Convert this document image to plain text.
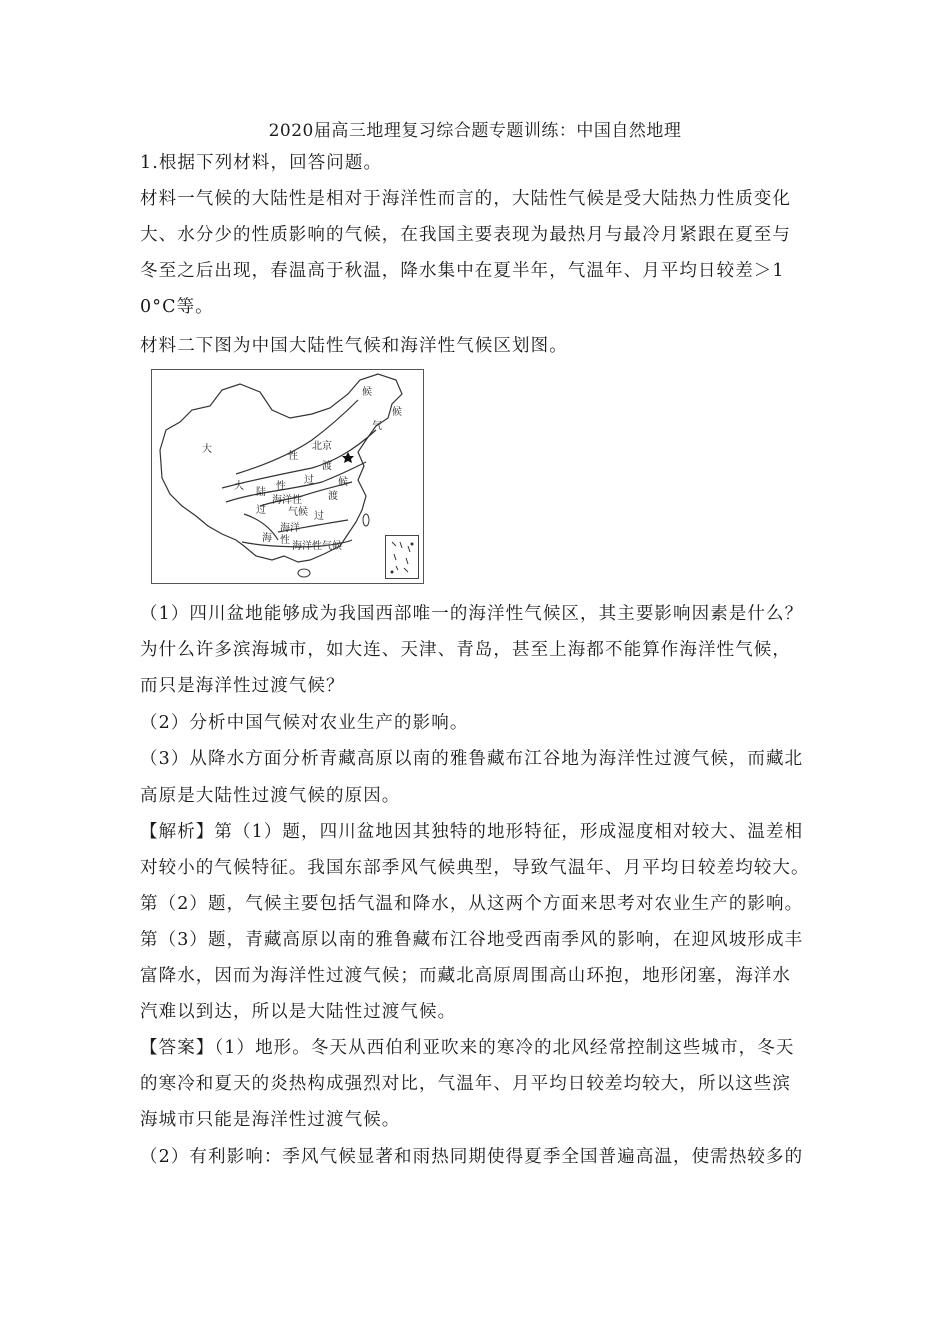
2020届高三地理复习综合题专题训练：中国自然地理
1.根据下列材料，回答问题。
材料一气候的大陆性是相对于海洋性而言的，大陆性气候是受大陆热力性质变化
大、水分少的性质影响的气候，在我国主要表现为最热月与最冷月紧跟在夏至与
冬至之后出现，春温高于秋温，降水集中在夏半年，气温年、月平均日较差＞1
0°C等。
材料二下图为中国大陆性气候和海洋性气候区划图。
大
候
候
气
北京
性
渡
过
大
陆
性
海洋性
候
渡
气候 过
过
海 洋
海
海洋性气候
性
（1）四川盆地能够成为我国西部唯一的海洋性气候区，其主要影响因素是什么？
为什么许多滨海城市，如大连、天津、青岛，甚至上海都不能算作海洋性气候，
而只是海洋性过渡气候？
（2）分析中国气候对农业生产的影响。
（3）从降水方面分析青藏高原以南的雅鲁藏布江谷地为海洋性过渡气候，而藏北
高原是大陆性过渡气候的原因。
【解析】第（1）题，四川盆地因其独特的地形特征，形成湿度相对较大、温差相
对较小的气候特征。我国东部季风气候典型，导致气温年、月平均日较差均较大。
第（2）题，气候主要包括气温和降水，从这两个方面来思考对农业生产的影响。
第（3）题，青藏高原以南的雅鲁藏布江谷地受西南季风的影响，在迎风坡形成丰
富降水，因而为海洋性过渡气候；而藏北高原周围高山环抱，地形闭塞，海洋水
汽难以到达，所以是大陆性过渡气候。
【答案】（1）地形。冬天从西伯利亚吹来的寒冷的北风经常控制这些城市，冬天
的寒冷和夏天的炎热构成强烈对比，气温年、月平均日较差均较大，所以这些滨
海城市只能是海洋性过渡气候。
（2）有利影响：季风气候显著和雨热同期使得夏季全国普遍高温，使需热较多的
